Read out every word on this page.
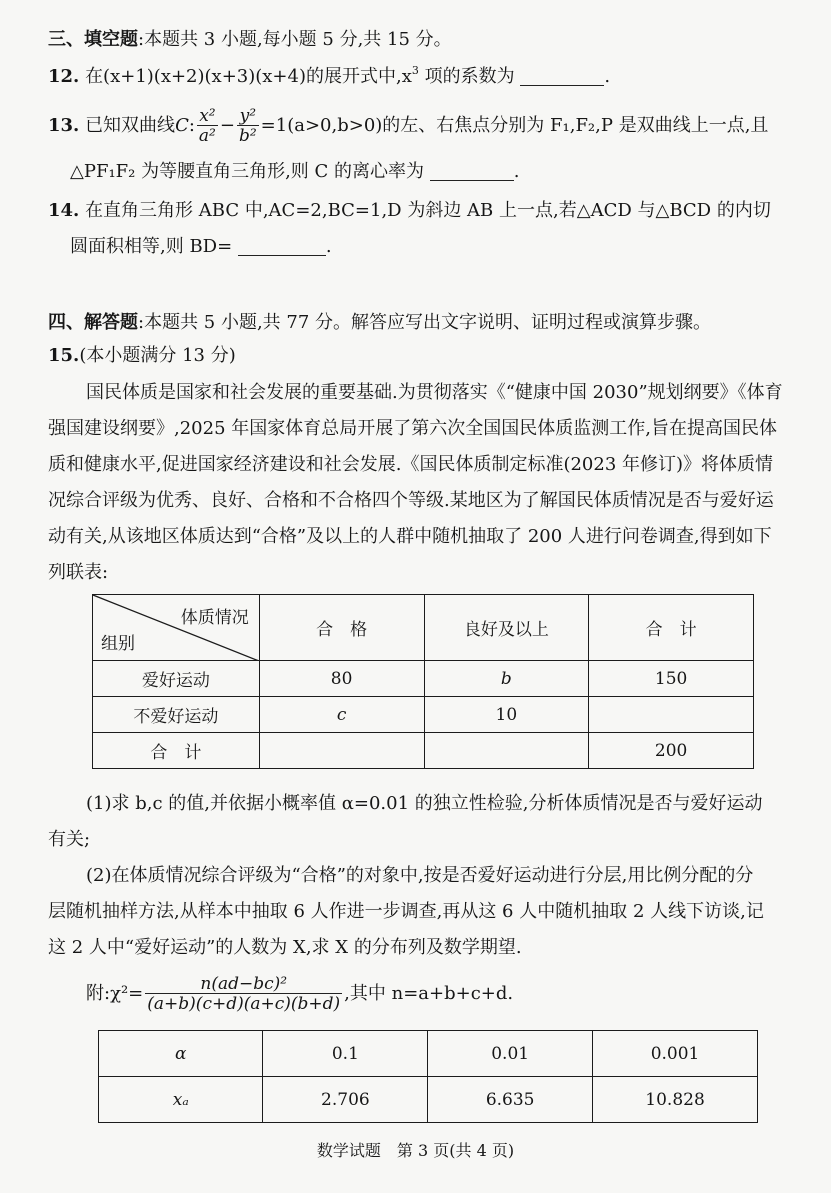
三、填空题:本题共 3 小题,每小题 5 分,共 15 分。
12. 在(x+1)(x+2)(x+3)(x+4)的展开式中$,x^3$ 项的系数为	.
13. 已知双曲线C: $\frac{\text{x²}}{\text{a²}} - \frac{\text{y²}}{\text{b²}} =1(a>0,b>0)$的左、右焦点分别为 F₁,F₂,P 是双曲线上一点,且
△PF₁F₂ 为等腰直角三角形,则 C 的离心率为	.
14. 在直角三角形 ABC 中,AC=2,BC=1,D 为斜边 AB 上一点,若△ACD 与△BCD 的内切
圆面积相等,则 BD=	.
四、解答题:本题共 5 小题,共 77 分。解答应写出文字说明、证明过程或演算步骤。
15.(本小题满分 13 分)
国民体质是国家和社会发展的重要基础.为贯彻落实《“健康中国 2030”规划纲要》《体育
强国建设纲要》,2025 年国家体育总局开展了第六次全国国民体质监测工作,旨在提高国民体
质和健康水平,促进国家经济建设和社会发展.《国民体质制定标准(2023 年修订)》将体质情
况综合评级为优秀、良好、合格和不合格四个等级.某地区为了解国民体质情况是否与爱好运
动有关,从该地区体质达到“合格”及以上的人群中随机抽取了 200 人进行问卷调查,得到如下
列联表:
体质情况
组别	合　格	良好及以上	合　计
爱好运动	80	b	150
不爱好运动	c	10	
合　计			200
(1)求 b,c 的值,并依据小概率值 α=0.01 的独立性检验,分析体质情况是否与爱好运动
有关;
(2)在体质情况综合评级为“合格”的对象中,按是否爱好运动进行分层,用比例分配的分
层随机抽样方法,从样本中抽取 6 人作进一步调查,再从这 6 人中随机抽取 2 人线下访谈,记
这 2 人中“爱好运动”的人数为 X,求 X 的分布列及数学期望.
附:χ²= $\frac{\text{n(ad−bc)²}}{(a+b)(c+d)(a+c)(b+d)}$ ,其中 n=a+b+c+d.
α	0.1	0.01	0.001
xₐ	2.706	6.635	10.828
数学试题　第 3 页(共 4 页)
